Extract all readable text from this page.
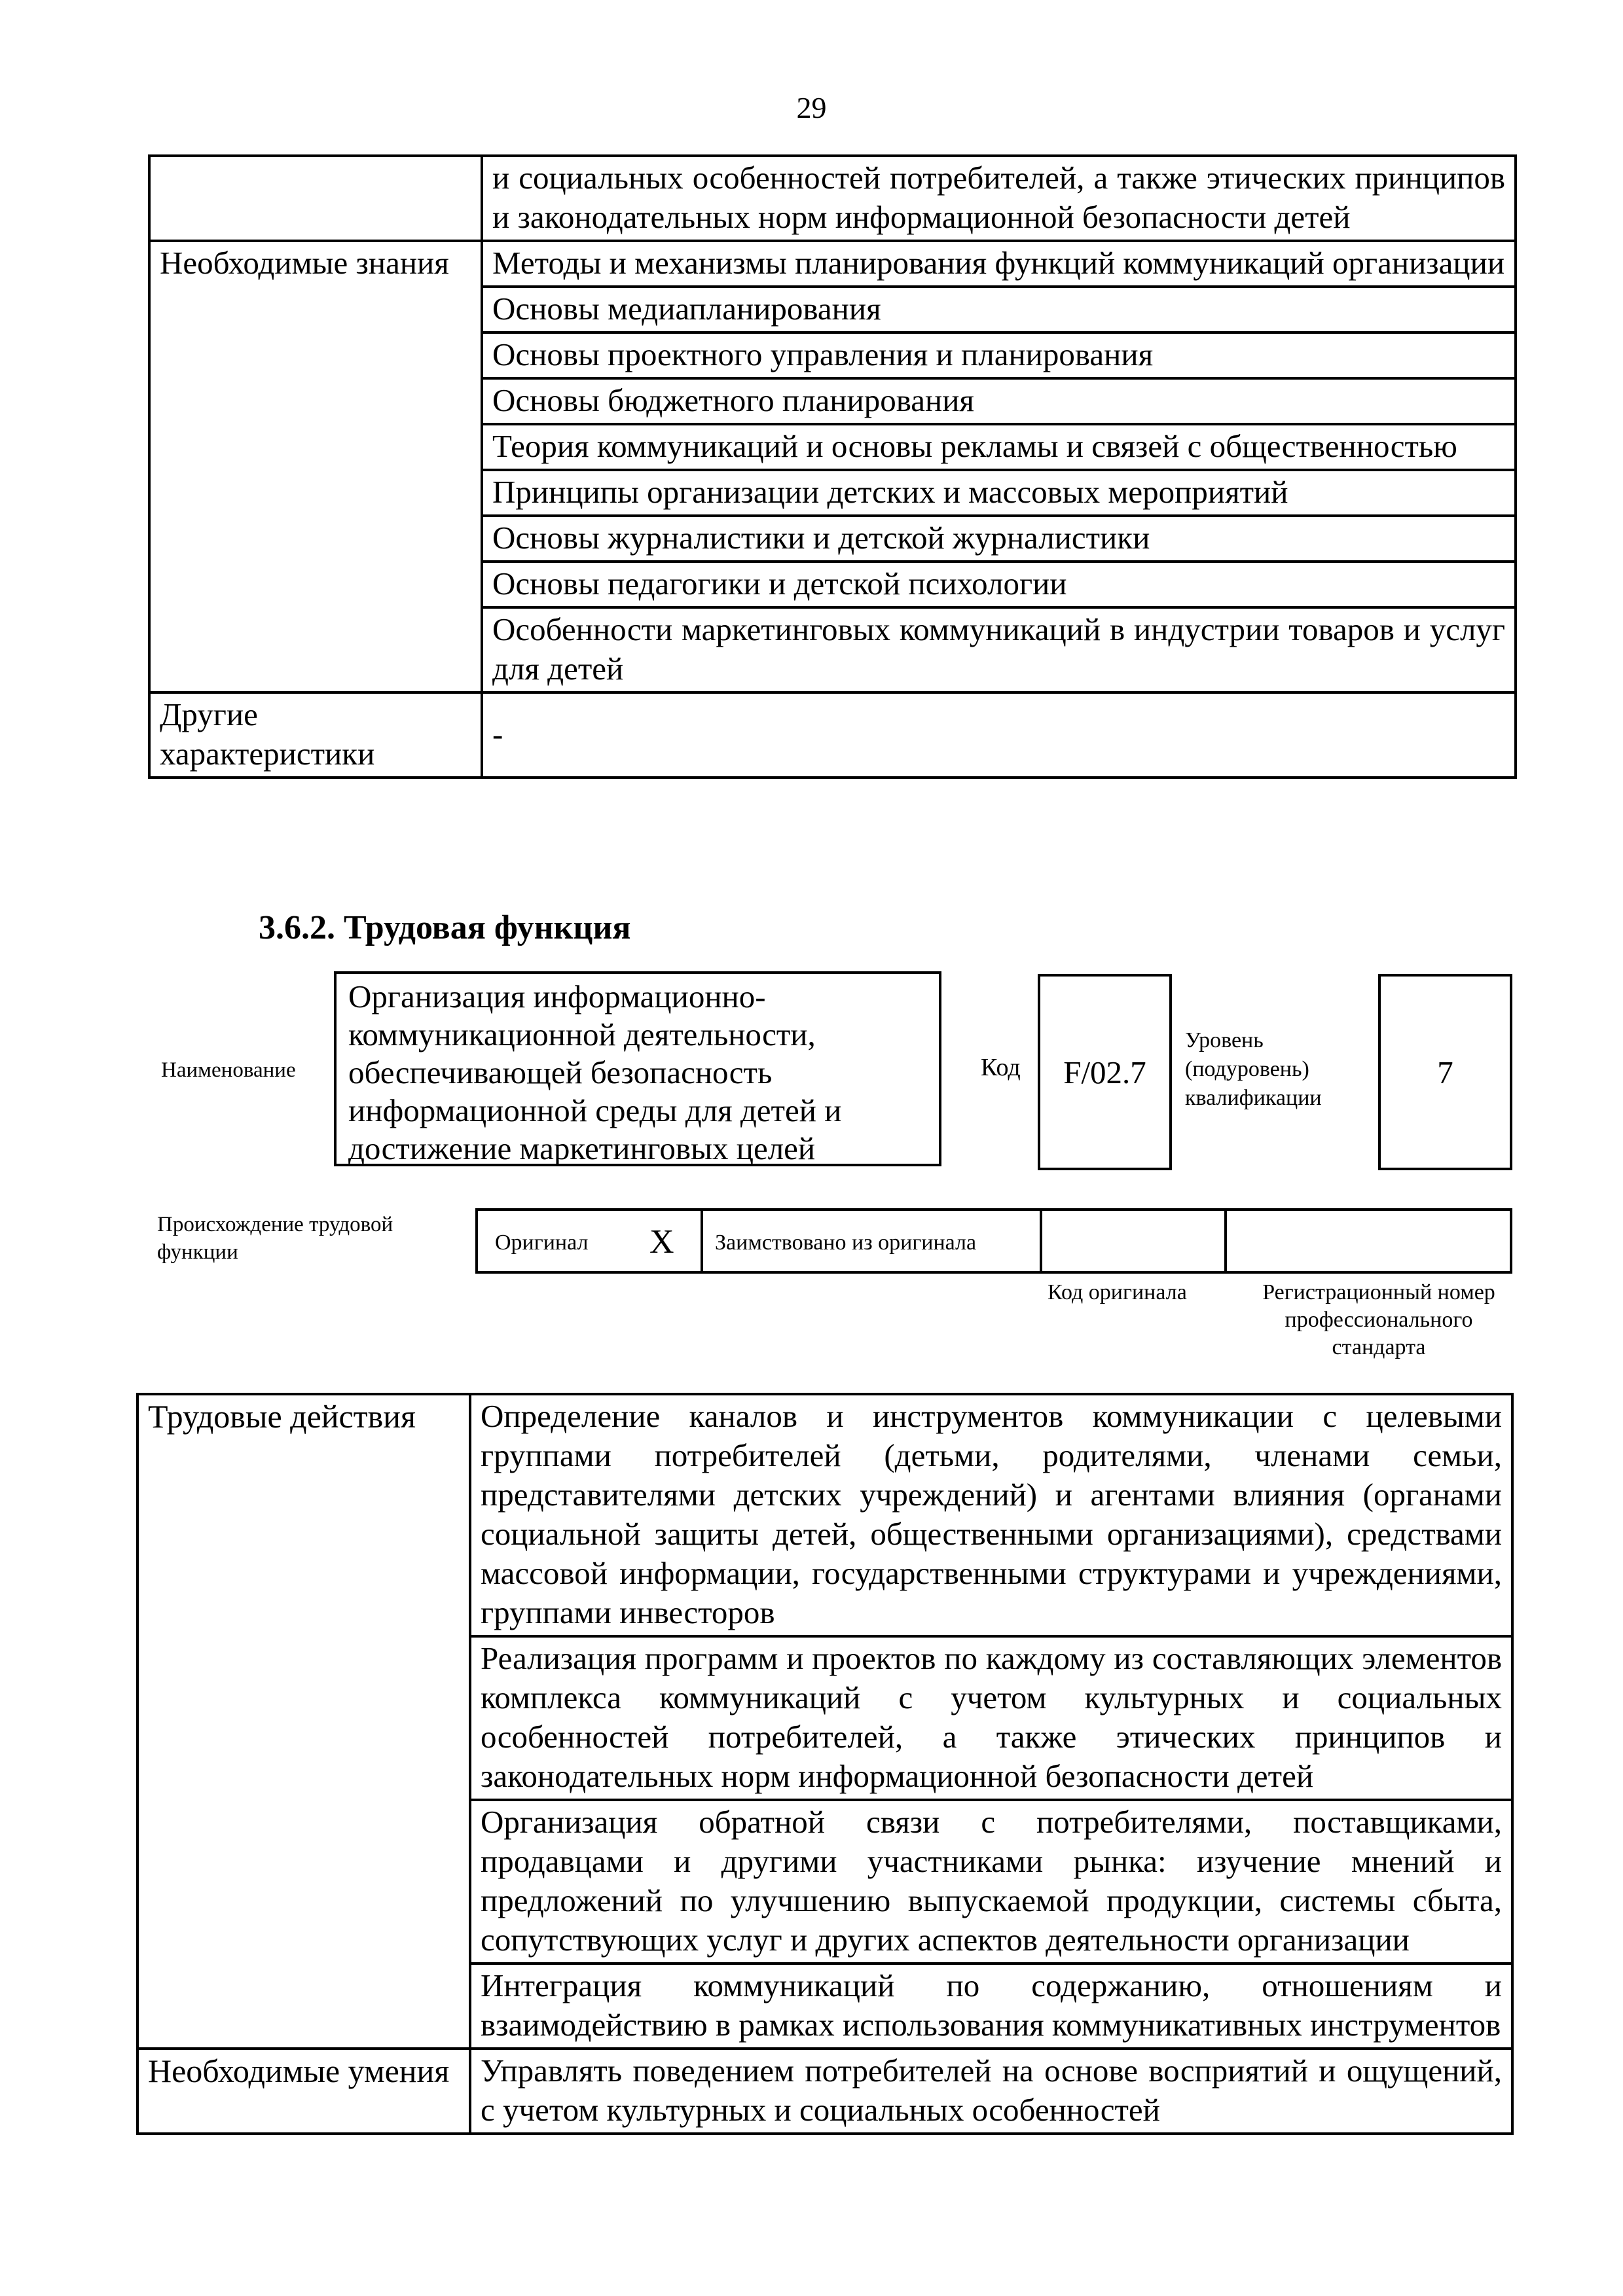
29
	и социальных особенностей потребителей, а также этических принципов и законодательных норм информационной безопасности детей
Необходимые знания	Методы и механизмы планирования функций коммуникаций организации
	Основы медиапланирования
	Основы проектного управления и планирования
	Основы бюджетного планирования
	Теория коммуникаций и основы рекламы и связей с общественностью
	Принципы организации детских и массовых мероприятий
	Основы журналистики и детской журналистики
	Основы педагогики и детской психологии
	Особенности маркетинговых коммуникаций в индустрии товаров и услуг для детей
Другие характеристики	-
3.6.2. Трудовая функция
Наименование
Организация информационно-коммуникационной деятельности, обеспечивающей безопасность информационной среды для детей и достижение маркетинговых целей
Код F/02.7
Уровень (подуровень) квалификации
7
Происхождение трудовой функции	Оригинал X Заимствовано из оригинала
Код оригинала	Регистрационный номер профессионального стандарта
Трудовые действия	Определение каналов и инструментов коммуникации с целевыми группами потребителей (детьми, родителями, членами семьи, представителями детских учреждений) и агентами влияния (органами социальной защиты детей, общественными организациями), средствами массовой информации, государственными структурами и учреждениями, группами инвесторов
	Реализация программ и проектов по каждому из составляющих элементов комплекса коммуникаций с учетом культурных и социальных особенностей потребителей, а также этических принципов и законодательных норм информационной безопасности детей
	Организация обратной связи с потребителями, поставщиками, продавцами и другими участниками рынка: изучение мнений и предложений по улучшению выпускаемой продукции, системы сбыта, сопутствующих услуг и других аспектов деятельности организации
	Интеграция коммуникаций по содержанию, отношениям и взаимодействию в рамках использования коммуникативных инструментов
Необходимые умения	Управлять поведением потребителей на основе восприятий и ощущений, с учетом культурных и социальных особенностей
